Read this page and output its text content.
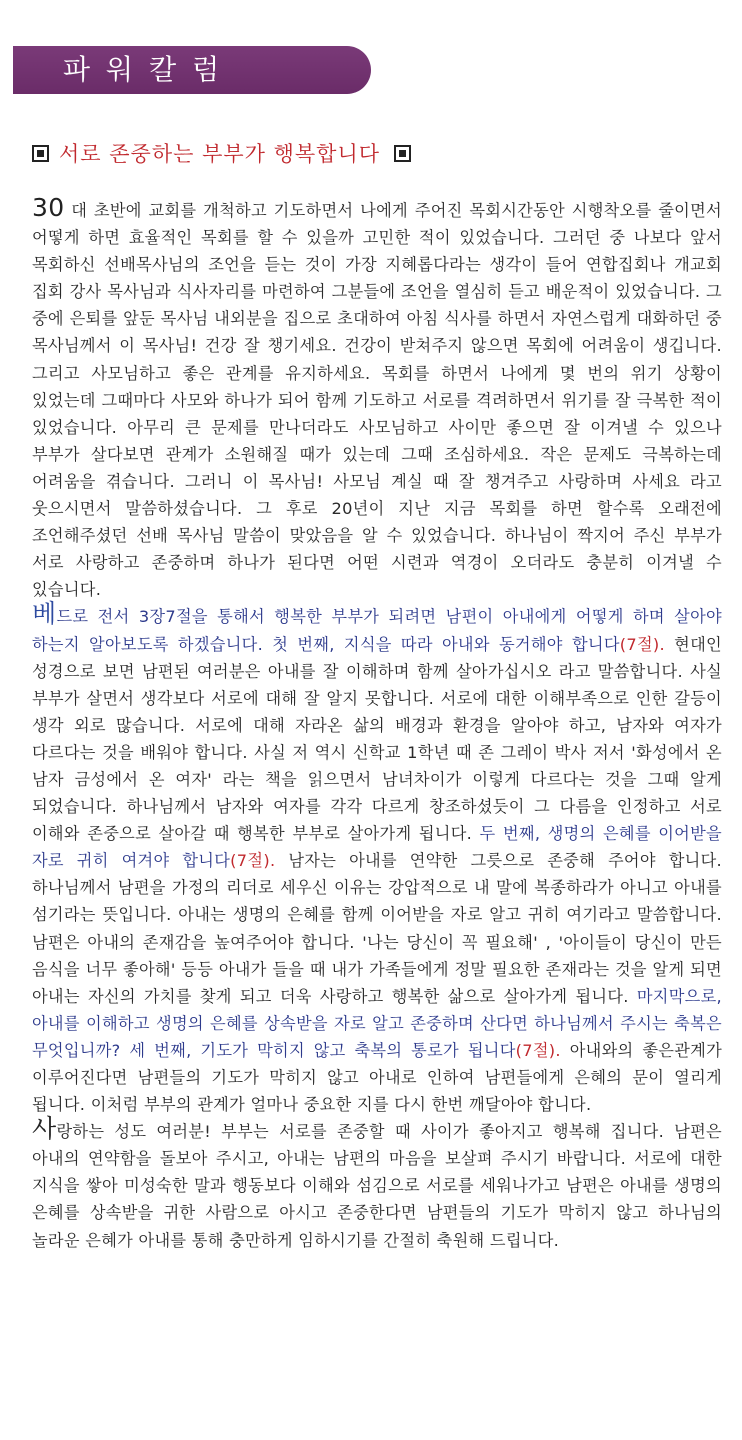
파워칼럼
서로 존중하는 부부가 행복합니다

30 대 초반에 교회를 개척하고 기도하면서 나에게 주어진 목회시간동안 시행착오를 줄이면서 어떻게 하면 효율적인 목회를 할 수 있을까 고민한 적이 있었습니다. 그러던 중 나보다 앞서 목회하신 선배목사님의 조언을 듣는 것이 가장 지혜롭다라는 생각이 들어 연합집회나 개교회 집회 강사 목사님과 식사자리를 마련하여 그분들에 조언을 열심히 듣고 배운적이 있었습니다. 그 중에 은퇴를 앞둔 목사님 내외분을 집으로 초대하여 아침 식사를 하면서 자연스럽게 대화하던 중 목사님께서 이 목사님! 건강 잘 챙기세요. 건강이 받쳐주지 않으면 목회에 어려움이 생깁니다. 그리고 사모님하고 좋은 관계를 유지하세요. 목회를 하면서 나에게 몇 번의 위기 상황이 있었는데 그때마다 사모와 하나가 되어 함께 기도하고 서로를 격려하면서 위기를 잘 극복한 적이 있었습니다. 아무리 큰 문제를 만나더라도 사모님하고 사이만 좋으면 잘 이겨낼 수 있으나 부부가 살다보면 관계가 소원해질 때가 있는데 그때 조심하세요. 작은 문제도 극복하는데 어려움을 겪습니다. 그러니 이 목사님! 사모님 계실 때 잘 챙겨주고 사랑하며 사세요 라고 웃으시면서 말씀하셨습니다. 그 후로 20년이 지난 지금 목회를 하면 할수록 오래전에 조언해주셨던 선배 목사님 말씀이 맞았음을 알 수 있었습니다. 하나님이 짝지어 주신 부부가 서로 사랑하고 존중하며 하나가 된다면 어떤 시련과 역경이 오더라도 충분히 이겨낼 수 있습니다.

베드로 전서 3장7절을 통해서 행복한 부부가 되려면 남편이 아내에게 어떻게 하며 살아야 하는지 알아보도록 하겠습니다. 첫 번째, 지식을 따라 아내와 동거해야 합니다(7절). 현대인 성경으로 보면 남편된 여러분은 아내를 잘 이해하며 함께 살아가십시오 라고 말씀합니다. 사실 부부가 살면서 생각보다 서로에 대해 잘 알지 못합니다. 서로에 대한 이해부족으로 인한 갈등이 생각 외로 많습니다. 서로에 대해 자라온 삶의 배경과 환경을 알아야 하고, 남자와 여자가 다르다는 것을 배워야 합니다. 사실 저 역시 신학교 1학년 때 존 그레이 박사 저서 '화성에서 온 남자 금성에서 온 여자' 라는 책을 읽으면서 남녀차이가 이렇게 다르다는 것을 그때 알게 되었습니다. 하나님께서 남자와 여자를 각각 다르게 창조하셨듯이 그 다름을 인정하고 서로 이해와 존중으로 살아갈 때 행복한 부부로 살아가게 됩니다. 두 번째, 생명의 은혜를 이어받을 자로 귀히 여겨야 합니다(7절). 남자는 아내를 연약한 그릇으로 존중해 주어야 합니다. 하나님께서 남편을 가정의 리더로 세우신 이유는 강압적으로 내 말에 복종하라가 아니고 아내를 섬기라는 뜻입니다. 아내는 생명의 은혜를 함께 이어받을 자로 알고 귀히 여기라고 말씀합니다. 남편은 아내의 존재감을 높여주어야 합니다. '나는 당신이 꼭 필요해' , '아이들이 당신이 만든 음식을 너무 좋아해' 등등 아내가 들을 때 내가 가족들에게 정말 필요한 존재라는 것을 알게 되면 아내는 자신의 가치를 찾게 되고 더욱 사랑하고 행복한 삶으로 살아가게 됩니다. 마지막으로, 아내를 이해하고 생명의 은혜를 상속받을 자로 알고 존중하며 산다면 하나님께서 주시는 축복은 무엇입니까? 세 번째, 기도가 막히지 않고 축복의 통로가 됩니다(7절). 아내와의 좋은관계가 이루어진다면 남편들의 기도가 막히지 않고 아내로 인하여 남편들에게 은혜의 문이 열리게 됩니다. 이처럼 부부의 관계가 얼마나 중요한 지를 다시 한번 깨달아야 합니다.

사랑하는 성도 여러분! 부부는 서로를 존중할 때 사이가 좋아지고 행복해 집니다. 남편은 아내의 연약함을 돌보아 주시고, 아내는 남편의 마음을 보살펴 주시기 바랍니다. 서로에 대한 지식을 쌓아 미성숙한 말과 행동보다 이해와 섬김으로 서로를 세워나가고 남편은 아내를 생명의 은혜를 상속받을 귀한 사람으로 아시고 존중한다면 남편들의 기도가 막히지 않고 하나님의 놀라운 은혜가 아내를 통해 충만하게 임하시기를 간절히 축원해 드립니다.
